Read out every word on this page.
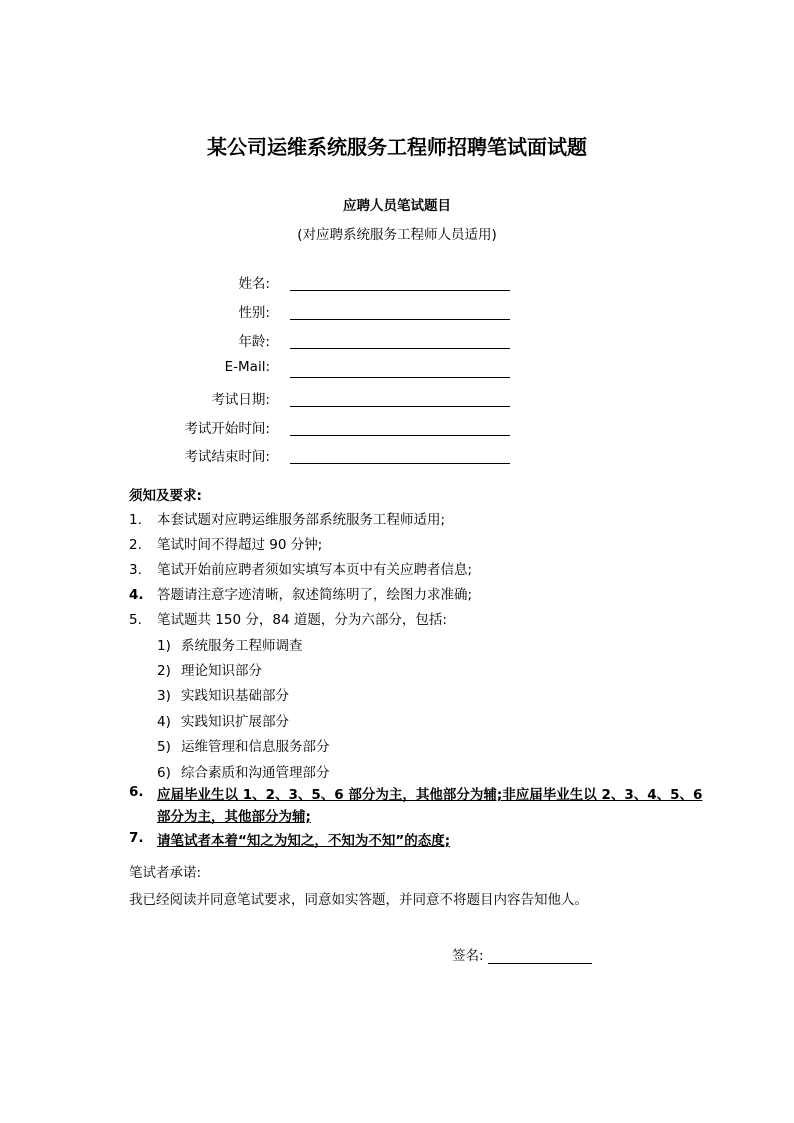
某公司运维系统服务工程师招聘笔试面试题
应聘人员笔试题目
(对应聘系统服务工程师人员适用)
姓名:
性别:
年龄:
E-Mail:
考试日期:
考试开始时间:
考试结束时间:
须知及要求:
1. 本套试题对应聘运维服务部系统服务工程师适用;
2. 笔试时间不得超过 90 分钟;
3. 笔试开始前应聘者须如实填写本页中有关应聘者信息;
4. 答题请注意字迹清晰，叙述简练明了，绘图力求准确;
5. 笔试题共 150 分，84 道题，分为六部分，包括:
1) 系统服务工程师调查
2) 理论知识部分
3) 实践知识基础部分
4) 实践知识扩展部分
5) 运维管理和信息服务部分
6) 综合素质和沟通管理部分
6. 应届毕业生以 1、2、3、5、6 部分为主，其他部分为辅;非应届毕业生以 2、3、4、5、6 部分为主，其他部分为辅;
7. 请笔试者本着“知之为知之，不知为不知”的态度;
笔试者承诺:
我已经阅读并同意笔试要求，同意如实答题，并同意不将题目内容告知他人。
签名:
